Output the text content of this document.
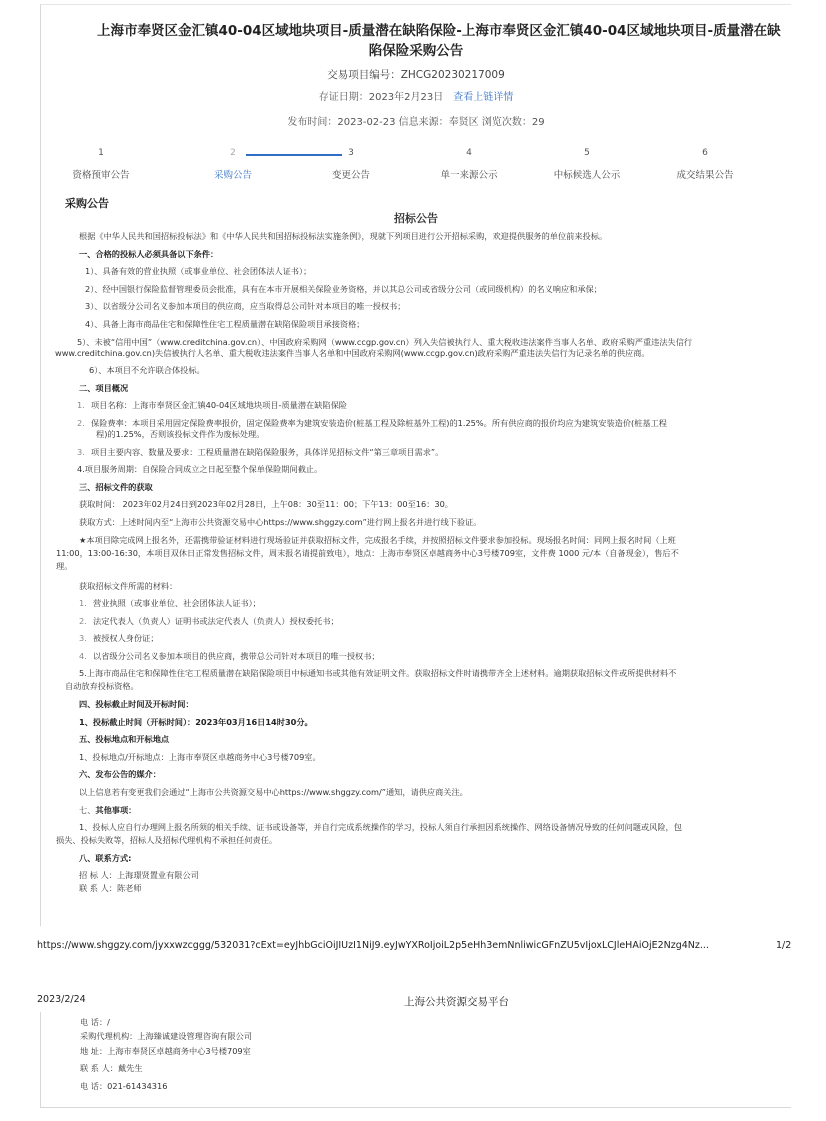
上海市奉贤区金汇镇40-04区域地块项目-质量潜在缺陷保险-上海市奉贤区金汇镇40-04区域地块项目-质量潜在缺
陷保险采购公告
交易项目编号：ZHCG20230217009
存证日期：2023年2月23日 查看上链详情
发布时间：2023-02-23 信息来源：奉贤区 浏览次数：29
1
资格预审公告
2
采购公告
3
变更公告
4
单一来源公示
5
中标候选人公示
6
成交结果公告
采购公告
招标公告
根据《中华人民共和国招标投标法》和《中华人民共和国招标投标法实施条例》，现就下列项目进行公开招标采购，欢迎提供服务的单位前来投标。
一、合格的投标人必须具备以下条件：
1）、具备有效的营业执照（或事业单位、社会团体法人证书）；
2）、经中国银行保险监督管理委员会批准，具有在本市开展相关保险业务资格，并以其总公司或省级分公司（或同级机构）的名义响应和承保；
3）、以省级分公司名义参加本项目的供应商，应当取得总公司针对本项目的唯一授权书；
4）、具备上海市商品住宅和保障性住宅工程质量潜在缺陷保险项目承接资格；
5）、未被“信用中国”（www.creditchina.gov.cn）、中国政府采购网（www.ccgp.gov.cn）列入失信被执行人、重大税收违法案件当事人名单、政府采购严重违法失信行
www.creditchina.gov.cn)失信被执行人名单、重大税收违法案件当事人名单和中国政府采购网(www.ccgp.gov.cn)政府采购严重违法失信行为记录名单的供应商。
6）、本项目不允许联合体投标。
二、项目概况
1. 项目名称：上海市奉贤区金汇镇40-04区域地块项目-质量潜在缺陷保险
2. 保险费率：本项目采用固定保险费率报价，固定保险费率为建筑安装造价(桩基工程及除桩基外工程)的1.25%。所有供应商的报价均应为建筑安装造价(桩基工程
程)的1.25%，否则该投标文件作为废标处理。
3. 项目主要内容、数量及要求：工程质量潜在缺陷保险服务，具体详见招标文件“第三章项目需求”。
4.项目服务周期：自保险合同成立之日起至整个保单保险期间截止。
三、招标文件的获取
获取时间： 2023年02月24日到2023年02月28日，上午08：30至11：00；下午13：00至16：30。
获取方式：上述时间内至“上海市公共资源交易中心https://www.shggzy.com”进行网上报名并进行线下验证。
★本项目除完成网上报名外，还需携带验证材料进行现场验证并获取招标文件，完成报名手续，并按照招标文件要求参加投标。现场报名时间：同网上报名时间（上班
11:00，13:00-16:30，本项目双休日正常发售招标文件，周末报名请提前致电），地点：上海市奉贤区卓越商务中心3号楼709室，文件费 1000 元/本（自备现金），售后不
理。
获取招标文件所需的材料：
1. 营业执照（或事业单位、社会团体法人证书）；
2. 法定代表人（负责人）证明书或法定代表人（负责人）授权委托书；
3. 被授权人身份证；
4. 以省级分公司名义参加本项目的供应商，携带总公司针对本项目的唯一授权书；
5.上海市商品住宅和保障性住宅工程质量潜在缺陷保险项目中标通知书或其他有效证明文件。获取招标文件时请携带齐全上述材料。逾期获取招标文件或所提供材料不
自动放弃投标资格。
四、投标截止时间及开标时间：
1、投标截止时间（开标时间）：2023年03月16日14时30分。
五、投标地点和开标地点
1、投标地点/开标地点：上海市奉贤区卓越商务中心3号楼709室。
六、发布公告的媒介：
以上信息若有变更我们会通过“上海市公共资源交易中心https://www.shggzy.com/”通知，请供应商关注。
七、其他事项：
1、投标人应自行办理网上报名所须的相关手续、证书或设备等，并自行完成系统操作的学习，投标人须自行承担因系统操作、网络设备情况导致的任何问题或风险，包
损失、投标失败等，招标人及招标代理机构不承担任何责任。
八、联系方式:
招 标 人：上海璟贤置业有限公司
联 系 人：陈老师
https://www.shggzy.com/jyxxwzcggg/532031?cExt=eyJhbGciOiJIUzI1NiJ9.eyJwYXRoIjoiL2p5eHh3emNnliwicGFnZU5vIjoxLCJleHAiOjE2Nzg4Nz...	1/2
2023/2/24	上海公共资源交易平台
电 话：/
采购代理机构：上海臻诚建设管理咨询有限公司
地 址：上海市奉贤区卓越商务中心3号楼709室
联 系 人：戴先生
电 话：021-61434316
